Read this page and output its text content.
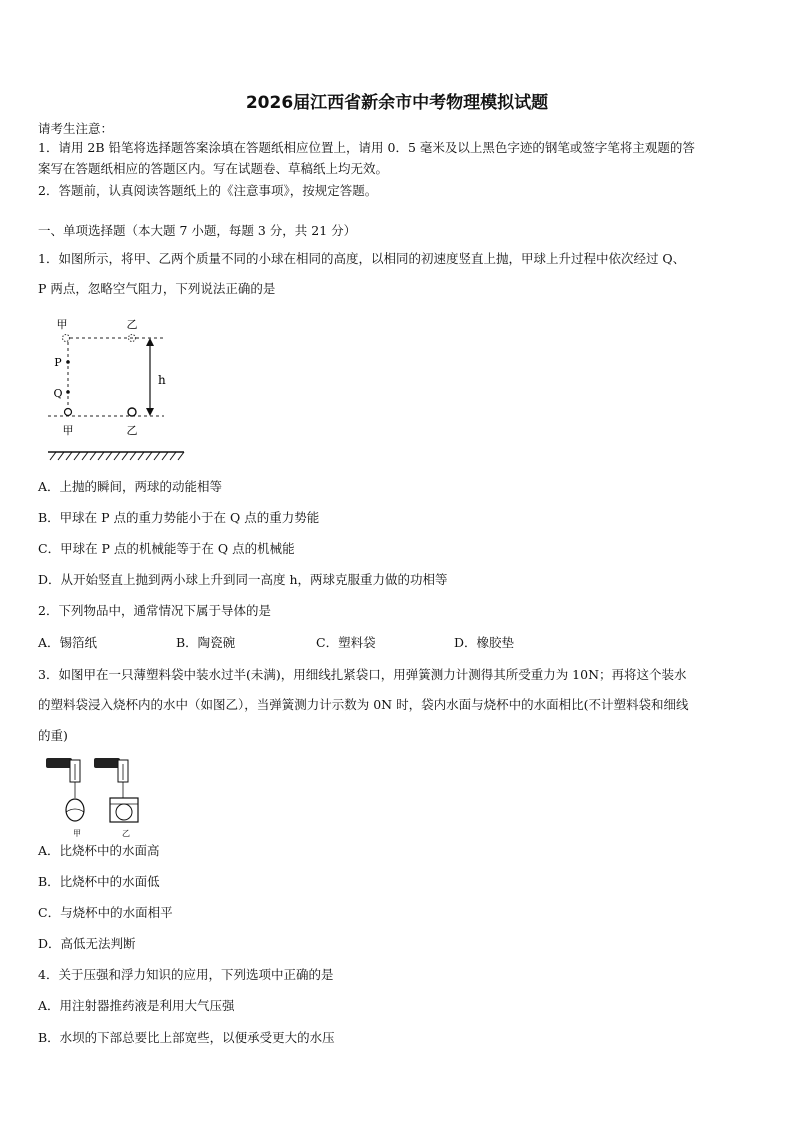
2026届江西省新余市中考物理模拟试题
请考生注意：
1．请用 2B 铅笔将选择题答案涂填在答题纸相应位置上，请用 0．5 毫米及以上黑色字迹的钢笔或签字笔将主观题的答
案写在答题纸相应的答题区内。写在试题卷、草稿纸上均无效。
2．答题前，认真阅读答题纸上的《注意事项》，按规定答题。
一、单项选择题（本大题 7 小题，每题 3 分，共 21 分）
1．如图所示，将甲、乙两个质量不同的小球在相同的高度，以相同的初速度竖直上抛，甲球上升过程中依次经过 Q、
P 两点，忽略空气阻力，下列说法正确的是
甲	乙
P
Q
h
甲	乙
A．上抛的瞬间，两球的动能相等
B．甲球在 P 点的重力势能小于在 Q 点的重力势能
C．甲球在 P 点的机械能等于在 Q 点的机械能
D．从开始竖直上抛到两小球上升到同一高度 h，两球克服重力做的功相等
2．下列物品中，通常情况下属于导体的是
A．锡箔纸	B．陶瓷碗	C．塑料袋	D．橡胶垫
3．如图甲在一只薄塑料袋中装水过半(未满)，用细线扎紧袋口，用弹簧测力计测得其所受重力为 10N；再将这个装水
的塑料袋浸入烧杯内的水中（如图乙），当弹簧测力计示数为 0N 时，袋内水面与烧杯中的水面相比(不计塑料袋和细线
的重)
甲	乙
A．比烧杯中的水面高
B．比烧杯中的水面低
C．与烧杯中的水面相平
D．高低无法判断
4．关于压强和浮力知识的应用，下列选项中正确的是
A．用注射器推药液是利用大气压强
B．水坝的下部总要比上部宽些，以便承受更大的水压
